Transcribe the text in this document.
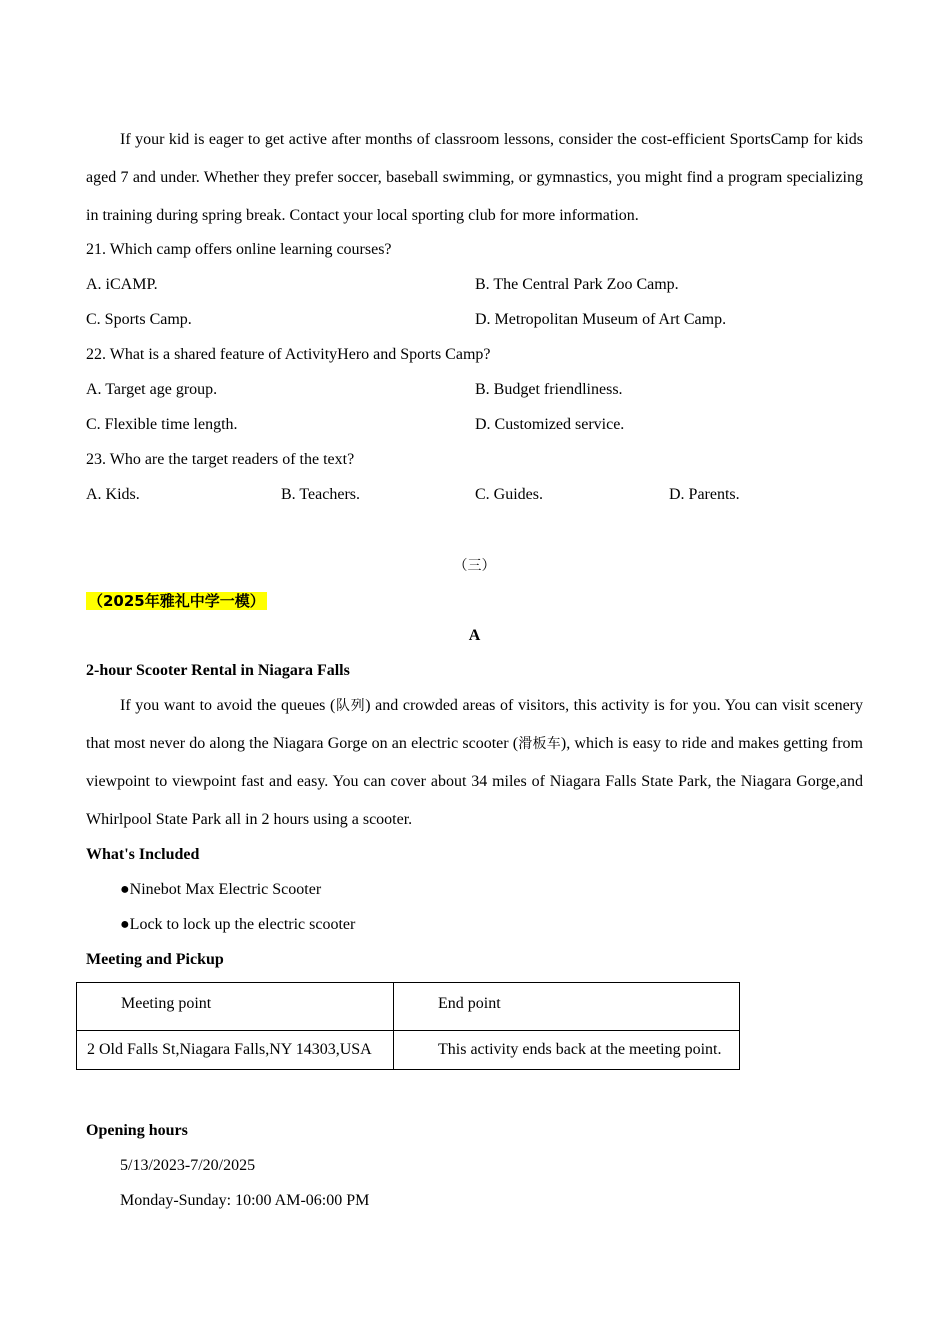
If your kid is eager to get active after months of classroom lessons, consider the cost-efficient SportsCamp for kids aged 7 and under. Whether they prefer soccer, baseball swimming, or gymnastics, you might find a program specializing in training during spring break. Contact your local sporting club for more information.

21. Which camp offers online learning courses?
A. iCAMP.	B. The Central Park Zoo Camp.
C. Sports Camp.	D. Metropolitan Museum of Art Camp.
22. What is a shared feature of ActivityHero and Sports Camp?
A. Target age group.	B. Budget friendliness.
C. Flexible time length.	D. Customized service.
23. Who are the target readers of the text?
A. Kids.	B. Teachers.	C. Guides.	D. Parents.
（三）
（2025年雅礼中学一模）
A
2-hour Scooter Rental in Niagara Falls

If you want to avoid the queues (队列) and crowded areas of visitors, this activity is for you. You can visit scenery that most never do along the Niagara Gorge on an electric scooter (滑板车), which is easy to ride and makes getting from viewpoint to viewpoint fast and easy. You can cover about 34 miles of Niagara Falls State Park, the Niagara Gorge,and Whirlpool State Park all in 2 hours using a scooter.

What's Included
●Ninebot Max Electric Scooter
●Lock to lock up the electric scooter
Meeting and Pickup
Meeting point	End point
2 Old Falls St,Niagara Falls,NY 14303,USA	This activity ends back at the meeting point.
Opening hours
5/13/2023-7/20/2025
Monday-Sunday: 10:00 AM-06:00 PM
